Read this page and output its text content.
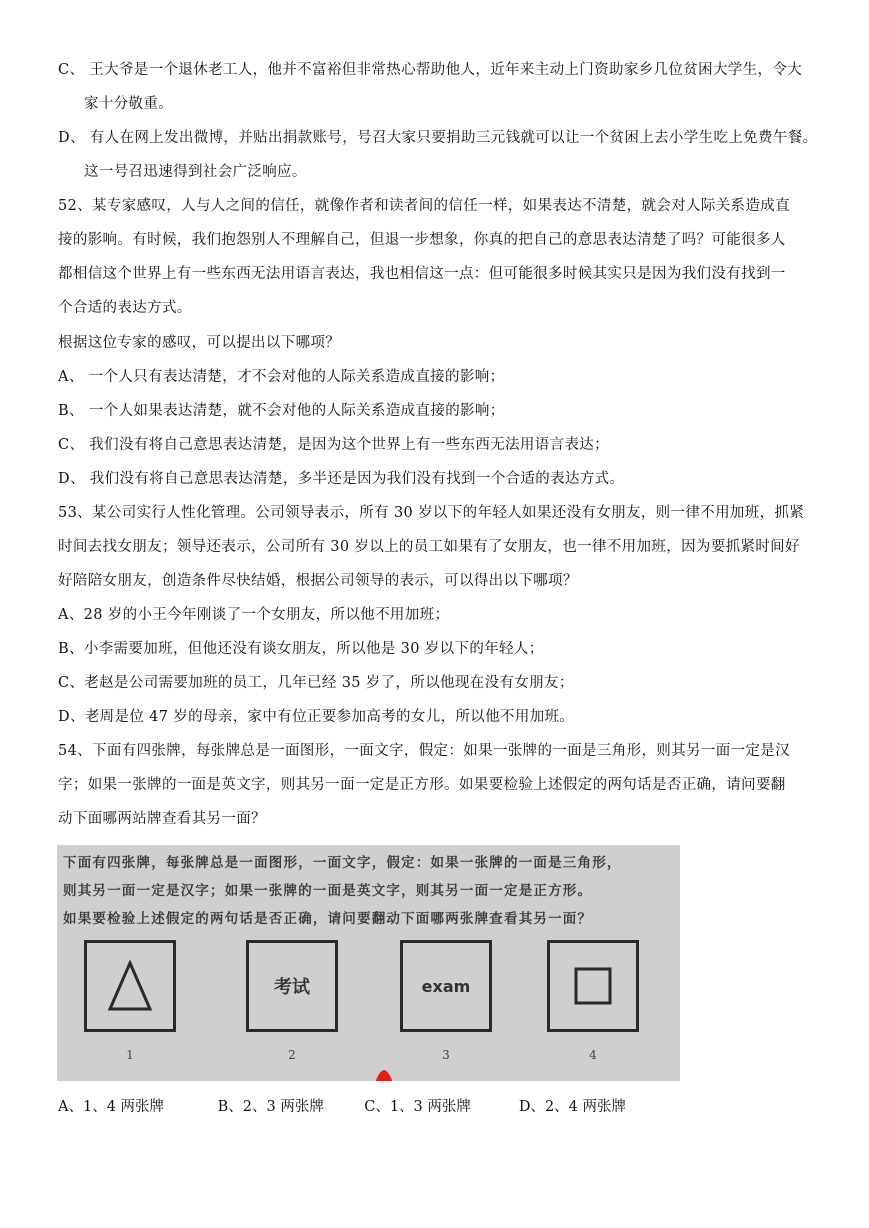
C、 王大爷是一个退休老工人，他并不富裕但非常热心帮助他人，近年来主动上门资助家乡几位贫困大学生，令大
家十分敬重。
D、 有人在网上发出微博，并贴出捐款账号，号召大家只要捐助三元钱就可以让一个贫困上去小学生吃上免费午餐。
这一号召迅速得到社会广泛响应。
52、某专家感叹，人与人之间的信任，就像作者和读者间的信任一样，如果表达不清楚，就会对人际关系造成直
接的影响。有时候，我们抱怨别人不理解自己，但退一步想象，你真的把自己的意思表达清楚了吗？可能很多人
都相信这个世界上有一些东西无法用语言表达，我也相信这一点：但可能很多时候其实只是因为我们没有找到一
个合适的表达方式。
根据这位专家的感叹，可以提出以下哪项？
A、 一个人只有表达清楚，才不会对他的人际关系造成直接的影响；
B、 一个人如果表达清楚，就不会对他的人际关系造成直接的影响；
C、 我们没有将自己意思表达清楚，是因为这个世界上有一些东西无法用语言表达；
D、 我们没有将自己意思表达清楚，多半还是因为我们没有找到一个合适的表达方式。
53、某公司实行人性化管理。公司领导表示，所有 30 岁以下的年轻人如果还没有女朋友，则一律不用加班，抓紧
时间去找女朋友；领导还表示，公司所有 30 岁以上的员工如果有了女朋友，也一律不用加班，因为要抓紧时间好
好陪陪女朋友，创造条件尽快结婚，根据公司领导的表示，可以得出以下哪项？
A、28 岁的小王今年刚谈了一个女朋友，所以他不用加班；
B、小李需要加班，但他还没有谈女朋友，所以他是 30 岁以下的年轻人；
C、老赵是公司需要加班的员工，几年已经 35 岁了，所以他现在没有女朋友；
D、老周是位 47 岁的母亲，家中有位正要参加高考的女儿，所以他不用加班。
54、下面有四张牌，每张牌总是一面图形，一面文字，假定：如果一张牌的一面是三角形，则其另一面一定是汉
字；如果一张牌的一面是英文字，则其另一面一定是正方形。如果要检验上述假定的两句话是否正确，请问要翻
动下面哪两站牌查看其另一面？
下面有四张牌，每张牌总是一面图形，一面文字，假定：如果一张牌的一面是三角形，
则其另一面一定是汉字；如果一张牌的一面是英文字，则其另一面一定是正方形。
如果要检验上述假定的两句话是否正确，请问要翻动下面哪两张牌查看其另一面？
1
考试
2
exam
3	4
A、1、4 两张牌	B、2、3 两张牌	C、1、3 两张牌	D、2、4 两张牌
